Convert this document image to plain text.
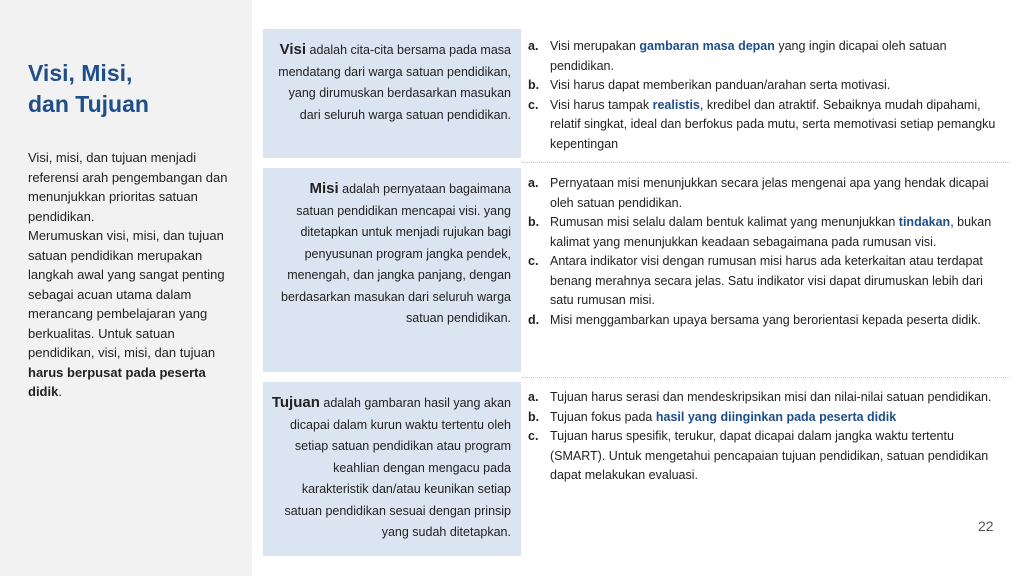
Visi, Misi,
dan Tujuan

Visi, misi, dan tujuan menjadi referensi arah pengembangan dan menunjukkan prioritas satuan pendidikan.

Merumuskan visi, misi, dan tujuan satuan pendidikan merupakan langkah awal yang sangat penting sebagai acuan utama dalam merancang pembelajaran yang berkualitas. Untuk satuan pendidikan, visi, misi, dan tujuan harus berpusat pada peserta didik.

Visi adalah cita-cita bersama pada masa mendatang dari warga satuan pendidikan, yang dirumuskan berdasarkan masukan dari seluruh warga satuan pendidikan.
Misi adalah pernyataan bagaimana satuan pendidikan mencapai visi. yang ditetapkan untuk menjadi rujukan bagi penyusunan program jangka pendek, menengah, dan jangka panjang, dengan berdasarkan masukan dari seluruh warga satuan pendidikan.
Tujuan adalah gambaran hasil yang akan dicapai dalam kurun waktu tertentu oleh setiap satuan pendidikan atau program keahlian dengan mengacu pada karakteristik dan/atau keunikan setiap satuan pendidikan sesuai dengan prinsip yang sudah ditetapkan.
a. Visi merupakan gambaran masa depan yang ingin dicapai oleh satuan pendidikan.
b. Visi harus dapat memberikan panduan/arahan serta motivasi.
c. Visi harus tampak realistis, kredibel dan atraktif. Sebaiknya mudah dipahami, relatif singkat, ideal dan berfokus pada mutu, serta memotivasi setiap pemangku kepentingan
a. Pernyataan misi menunjukkan secara jelas mengenai apa yang hendak dicapai oleh satuan pendidikan.
b. Rumusan misi selalu dalam bentuk kalimat yang menunjukkan tindakan, bukan kalimat yang menunjukkan keadaan sebagaimana pada rumusan visi.
c. Antara indikator visi dengan rumusan misi harus ada keterkaitan atau terdapat benang merahnya secara jelas. Satu indikator visi dapat dirumuskan lebih dari satu rumusan misi.
d. Misi menggambarkan upaya bersama yang berorientasi kepada peserta didik.
a. Tujuan harus serasi dan mendeskripsikan misi dan nilai-nilai satuan pendidikan.
b. Tujuan fokus pada hasil yang diinginkan pada peserta didik
c. Tujuan harus spesifik, terukur, dapat dicapai dalam jangka waktu tertentu (SMART). Untuk mengetahui pencapaian tujuan pendidikan, satuan pendidikan dapat melakukan evaluasi.
22
